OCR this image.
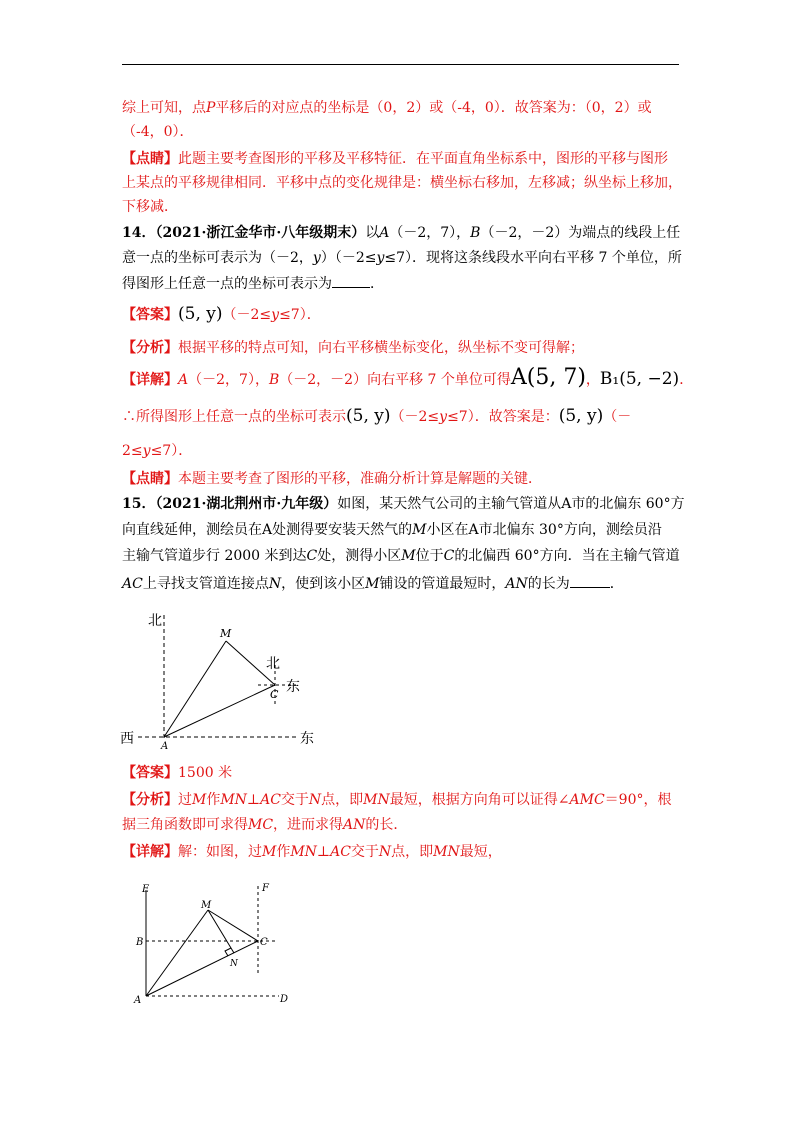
综上可知，点P平移后的对应点的坐标是（0，2）或（-4，0）．故答案为：（0，2）或
（-4，0）．
【点睛】此题主要考查图形的平移及平移特征．在平面直角坐标系中，图形的平移与图形
上某点的平移规律相同．平移中点的变化规律是：横坐标右移加，左移减；纵坐标上移加，
下移减．
14．（2021·浙江金华市·八年级期末）以A（－2，7），B（－2，－2）为端点的线段上任
意一点的坐标可表示为（－2，y）（－2≤y≤7）．现将这条线段水平向右平移 7 个单位，所
得图形上任意一点的坐标可表示为	．
【答案】(5, y)（－2≤y≤7）．
【分析】根据平移的特点可知，向右平移横坐标变化，纵坐标不变可得解；
【详解】A（－2，7），B（－2，－2）向右平移 7 个单位可得A(5, 7)，B₁(5, −2)．
∴所得图形上任意一点的坐标可表示(5, y)（－2≤y≤7）．故答案是：(5, y)（－
2≤y≤7）．
【点睛】本题主要考查了图形的平移，准确分析计算是解题的关键．
15．（2021·湖北荆州市·九年级）如图，某天然气公司的主输气管道从A市的北偏东 60°方
向直线延伸，测绘员在A处测得要安装天然气的M小区在A市北偏东 30°方向，测绘员沿
主输气管道步行 2000 米到达C处，测得小区M位于C的北偏西 60°方向．当在主输气管道
AC上寻找支管道连接点N，使到该小区M铺设的管道最短时，AN的长为	．
北
西	东
M
A
C
北
东
【答案】1500 米
【分析】过M作MN⊥AC交于N点，即MN最短，根据方向角可以证得∠AMC＝90°，根
据三角函数即可求得MC，进而求得AN的长．
【详解】解：如图，过M作MN⊥AC交于N点，即MN最短，
E	F
M
B	C
N
A	D
